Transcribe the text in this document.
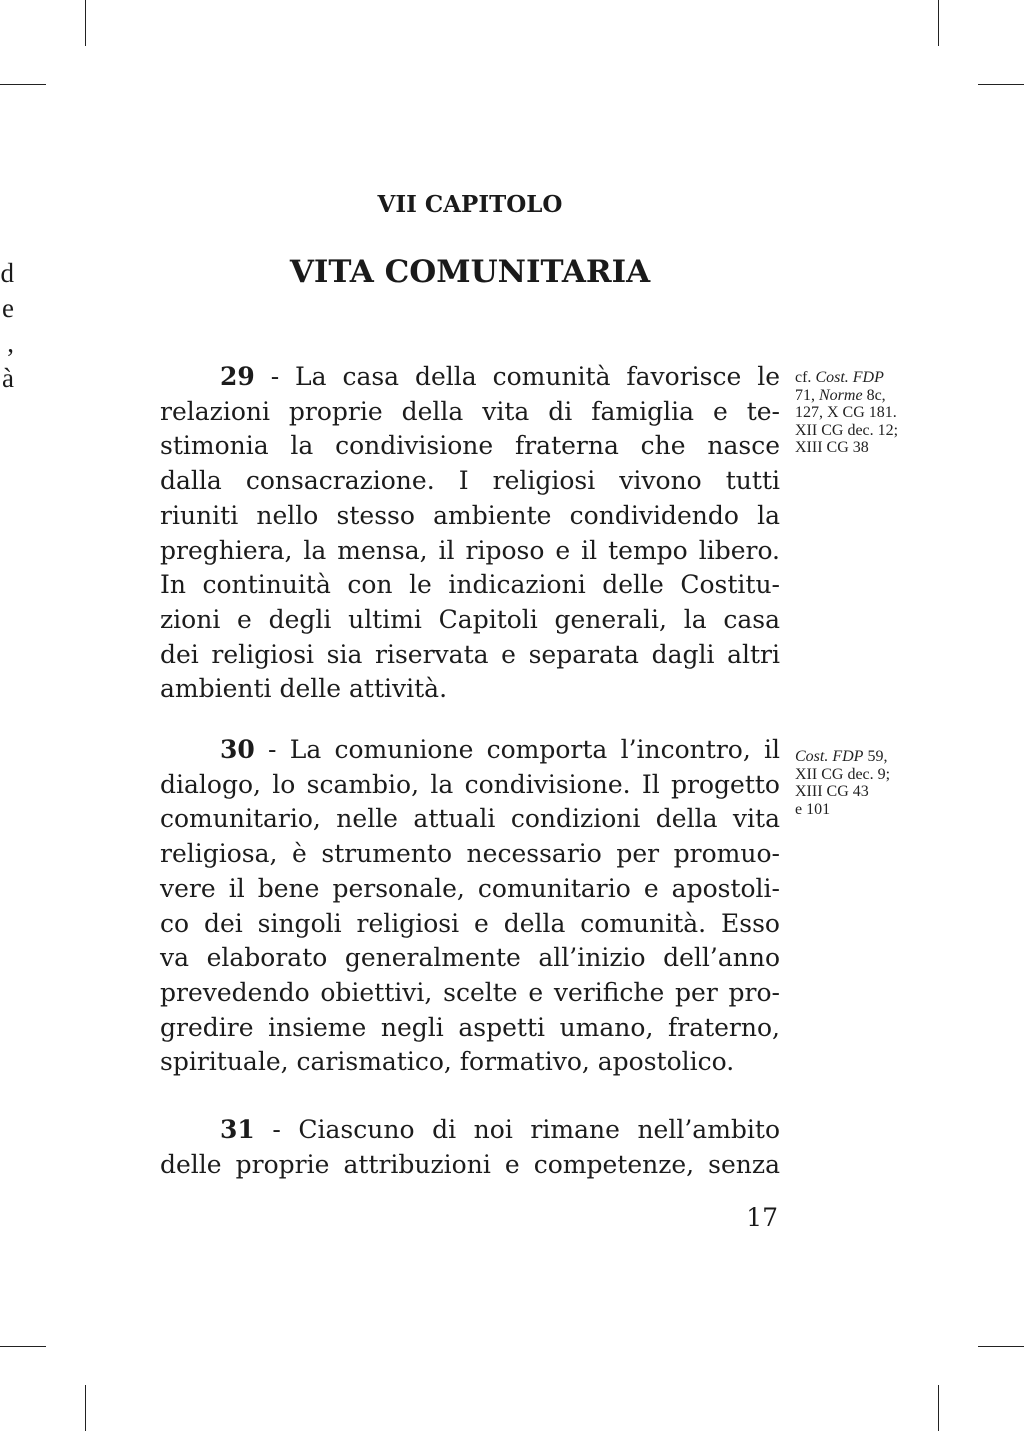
d
e
,
à
VII CAPITOLO
VITA COMUNITARIA
29 - La casa della comunità favorisce le
relazioni proprie della vita di famiglia e te-
stimonia la condivisione fraterna che nasce
dalla consacrazione. I religiosi vivono tutti
riuniti nello stesso ambiente condividendo la
preghiera, la mensa, il riposo e il tempo libero.
In continuità con le indicazioni delle Costitu-
zioni e degli ultimi Capitoli generali, la casa
dei religiosi sia riservata e separata dagli altri
ambienti delle attività.
cf. Cost. FDP
71, Norme 8c,
127, X CG 181.
XII CG dec. 12;
XIII CG 38
30 - La comunione comporta l’incontro, il
dialogo, lo scambio, la condivisione. Il progetto
comunitario, nelle attuali condizioni della vita
religiosa, è strumento necessario per promuo-
vere il bene personale, comunitario e apostoli-
co dei singoli religiosi e della comunità. Esso
va elaborato generalmente all’inizio dell’anno
prevedendo obiettivi, scelte e verifiche per pro-
gredire insieme negli aspetti umano, fraterno,
spirituale, carismatico, formativo, apostolico.
Cost. FDP 59,
XII CG dec. 9;
XIII CG 43
e 101
31 - Ciascuno di noi rimane nell’ambito
delle proprie attribuzioni e competenze, senza
17
